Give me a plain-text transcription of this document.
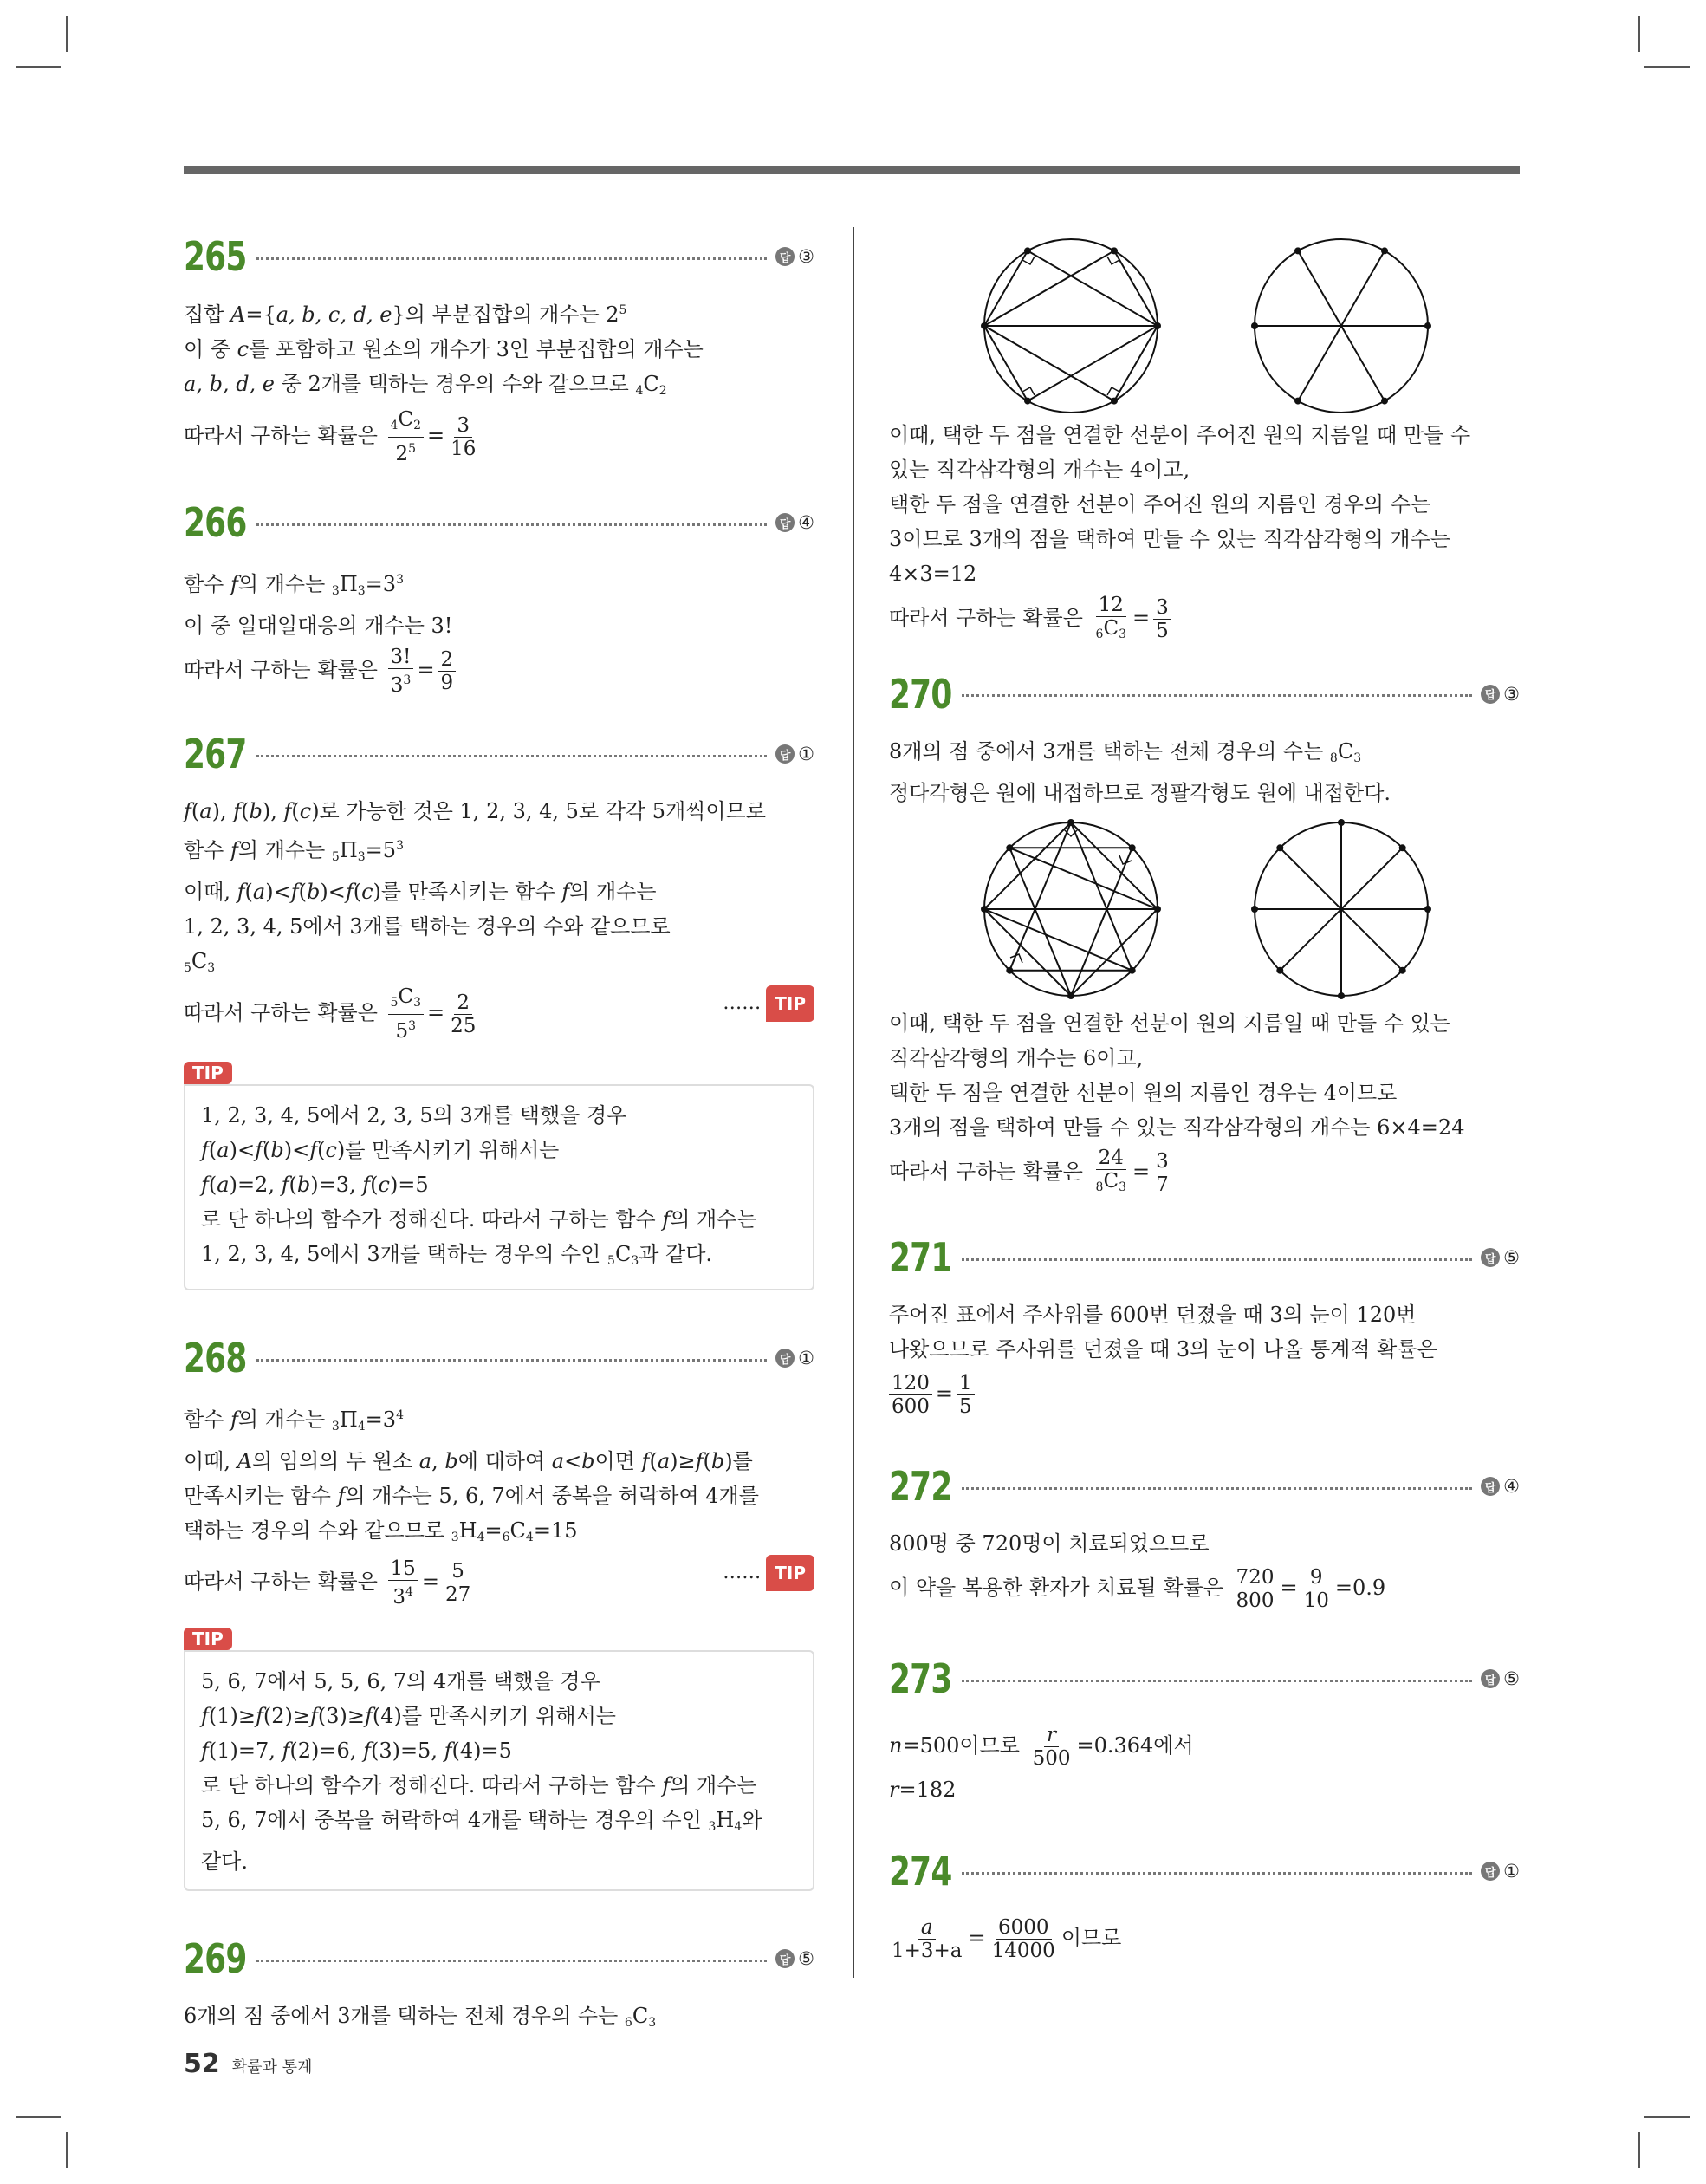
265	답 ③
집합 A={a, b, c, d, e}의 부분집합의 개수는 $2^5$
이 중 c를 포함하고 원소의 개수가 3인 부분집합의 개수는
a, b, d, e 중 2개를 택하는 경우의 수와 같으므로 $_4C_2$
따라서 구하는 확률은 $\frac{_4C_2}{2^5} = \frac{3}{16}$
266	답 ④
함수 f의 개수는 $_3\Pi_3=3^3$
이 중 일대일대응의 개수는 3!
따라서 구하는 확률은 $\frac{3!}{3^3} = \frac{2}{9}$
267	답 ①
f(a), f(b), f(c)로 가능한 것은 1, 2, 3, 4, 5로 각각 5개씩이므로
함수 f의 개수는 $_5\Pi_3=5^3$
이때, f(a)<f(b)<f(c)를 만족시키는 함수 f의 개수는
1, 2, 3, 4, 5에서 3개를 택하는 경우의 수와 같으므로
$_5C_3$
…… TIP
따라서 구하는 확률은 $\frac{_5C_3}{5^3} = \frac{2}{25}$
TIP
1, 2, 3, 4, 5에서 2, 3, 5의 3개를 택했을 경우
f(a)<f(b)<f(c)를 만족시키기 위해서는
f(a)=2, f(b)=3, f(c)=5
로 단 하나의 함수가 정해진다. 따라서 구하는 함수 f의 개수는
1, 2, 3, 4, 5에서 3개를 택하는 경우의 수인 $_5C_3$과 같다.
268	답 ①
함수 f의 개수는 $_3\Pi_4=3^4$
이때, A의 임의의 두 원소 a, b에 대하여 a<b이면 f(a)≥f(b)를
만족시키는 함수 f의 개수는 5, 6, 7에서 중복을 허락하여 4개를
택하는 경우의 수와 같으므로 $_3H_4=_6C_4=15$
…… TIP
따라서 구하는 확률은 $\frac{15}{3^4} = \frac{5}{27}$
TIP
5, 6, 7에서 5, 5, 6, 7의 4개를 택했을 경우
f(1)≥f(2)≥f(3)≥f(4)를 만족시키기 위해서는
f(1)=7, f(2)=6, f(3)=5, f(4)=5
로 단 하나의 함수가 정해진다. 따라서 구하는 함수 f의 개수는
5, 6, 7에서 중복을 허락하여 4개를 택하는 경우의 수인 $_3H_4$와
같다.
269	답 ⑤
6개의 점 중에서 3개를 택하는 전체 경우의 수는 $_6C_3$
이때, 택한 두 점을 연결한 선분이 주어진 원의 지름일 때 만들 수
있는 직각삼각형의 개수는 4이고,
택한 두 점을 연결한 선분이 주어진 원의 지름인 경우의 수는
3이므로 3개의 점을 택하여 만들 수 있는 직각삼각형의 개수는
4×3=12
따라서 구하는 확률은 $\frac{12}{_6C_3} = \frac{3}{5}$
270	답 ③
8개의 점 중에서 3개를 택하는 전체 경우의 수는 $_8C_3$
정다각형은 원에 내접하므로 정팔각형도 원에 내접한다.
이때, 택한 두 점을 연결한 선분이 원의 지름일 때 만들 수 있는
직각삼각형의 개수는 6이고,
택한 두 점을 연결한 선분이 원의 지름인 경우는 4이므로
3개의 점을 택하여 만들 수 있는 직각삼각형의 개수는 6×4=24
따라서 구하는 확률은 $\frac{24}{_8C_3} = \frac{3}{7}$
271	답 ⑤
주어진 표에서 주사위를 600번 던졌을 때 3의 눈이 120번
나왔으므로 주사위를 던졌을 때 3의 눈이 나올 통계적 확률은
$\frac{120}{600} = \frac{1}{5}$
272	답 ④
800명 중 720명이 치료되었으므로
이 약을 복용한 환자가 치료될 확률은 $\frac{720}{800} = \frac{9}{10} =0.9$
273	답 ⑤
n=500이므로 $\frac{r}{500} =0.364$에서
r=182
274	답 ①
$\frac{a}{1+3+a} = \frac{6000}{14000}$ 이므로
52 확률과 통계
